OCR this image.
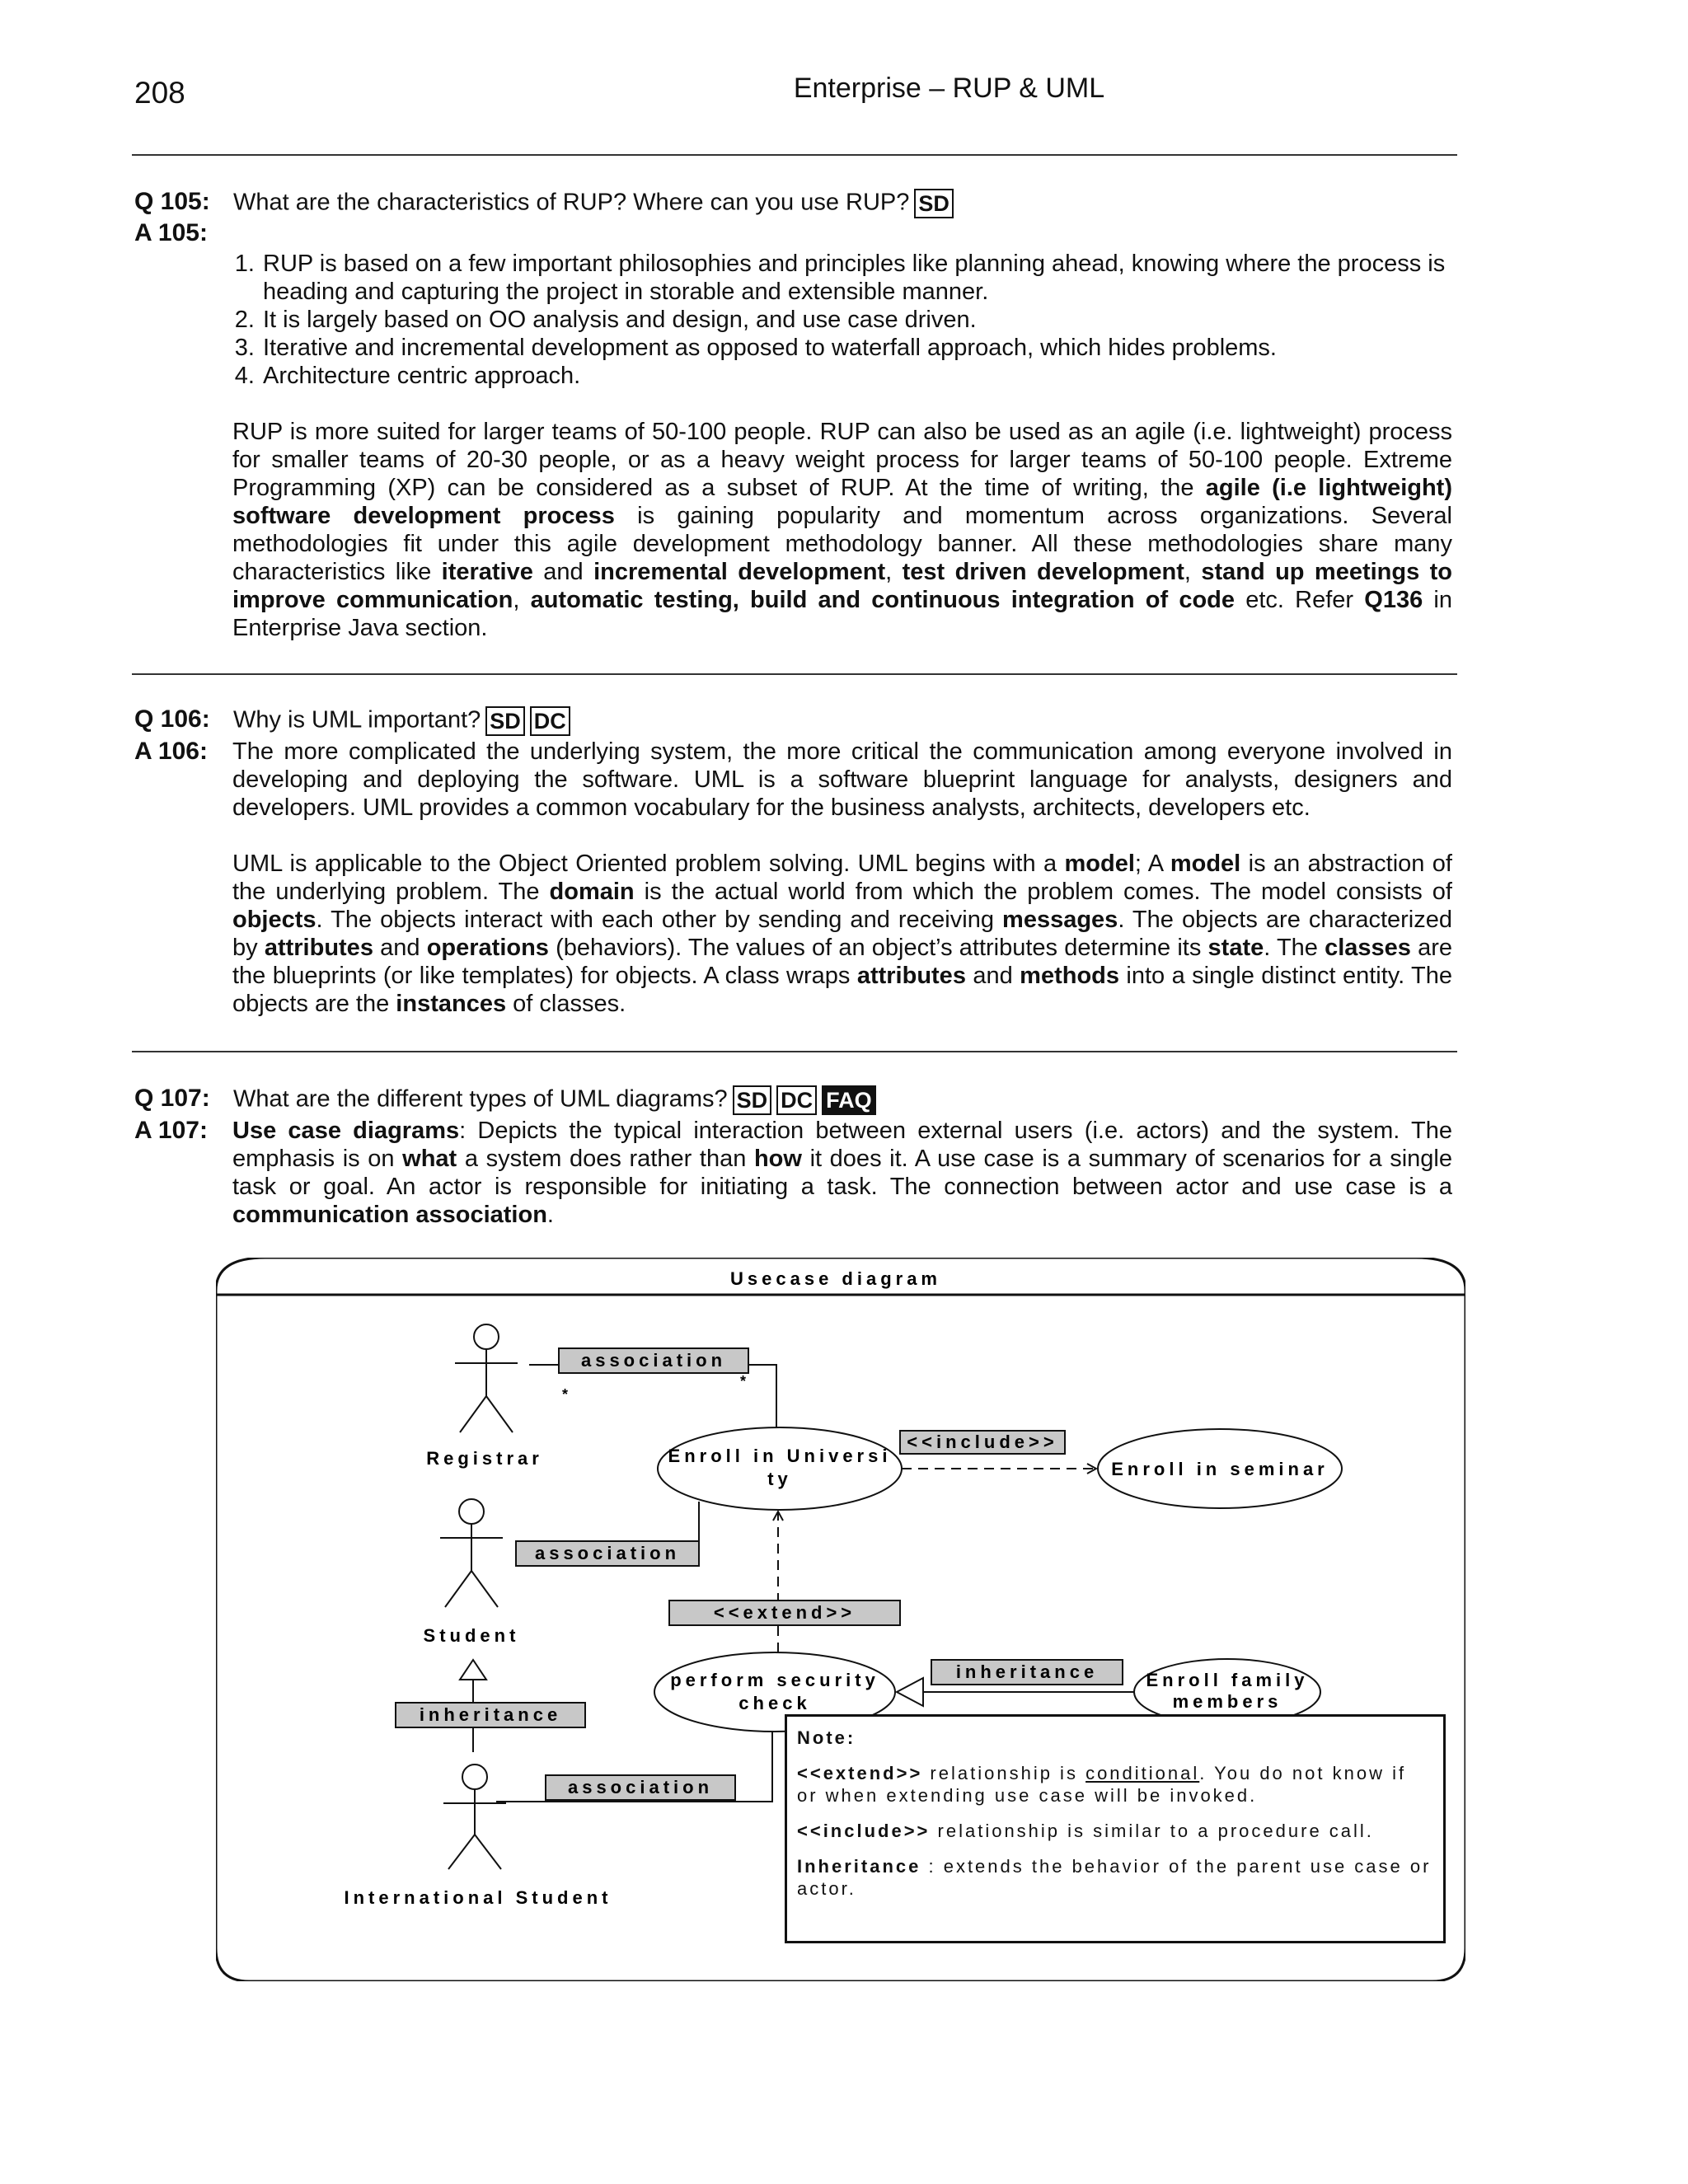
208	Enterprise – RUP & UML
Q 105: What are the characteristics of RUP? Where can you use RUP? SD
A 105:
1. RUP is based on a few important philosophies and principles like planning ahead, knowing where the process is heading and capturing the project in storable and extensible manner.
2. It is largely based on OO analysis and design, and use case driven.
3. Iterative and incremental development as opposed to waterfall approach, which hides problems.
4. Architecture centric approach.

RUP is more suited for larger teams of 50-100 people. RUP can also be used as an agile (i.e. lightweight) process for smaller teams of 20-30 people, or as a heavy weight process for larger teams of 50-100 people. Extreme Programming (XP) can be considered as a subset of RUP. At the time of writing, the agile (i.e lightweight) software development process is gaining popularity and momentum across organizations. Several methodologies fit under this agile development methodology banner. All these methodologies share many characteristics like iterative and incremental development, test driven development, stand up meetings to improve communication, automatic testing, build and continuous integration of code etc. Refer Q136 in Enterprise Java section.

Q 106: Why is UML important? SD DC
A 106: The more complicated the underlying system, the more critical the communication among everyone involved in developing and deploying the software. UML is a software blueprint language for analysts, designers and developers. UML provides a common vocabulary for the business analysts, architects, developers etc.

UML is applicable to the Object Oriented problem solving. UML begins with a model; A model is an abstraction of the underlying problem. The domain is the actual world from which the problem comes. The model consists of objects. The objects interact with each other by sending and receiving messages. The objects are characterized by attributes and operations (behaviors). The values of an object’s attributes determine its state. The classes are the blueprints (or like templates) for objects. A class wraps attributes and methods into a single distinct entity. The objects are the instances of classes.

Q 107: What are the different types of UML diagrams? SD DC FAQ
A 107: Use case diagrams: Depicts the typical interaction between external users (i.e. actors) and the system. The emphasis is on what a system does rather than how it does it. A use case is a summary of scenarios for a single task or goal. An actor is responsible for initiating a task. The connection between actor and use case is a communication association.

Usecase diagram
Registrar
Student
International Student
Enroll in Universi
ty	Enroll in seminar
perform security
check
Enroll family
members
*
*
association
<<include>>
association
<<extend>>
inheritance
inheritance
association

Note:

<<extend>> relationship is conditional. You do not know if or when extending use case will be invoked.

<<include>> relationship is similar to a procedure call.

Inheritance : extends the behavior of the parent use case or actor.
